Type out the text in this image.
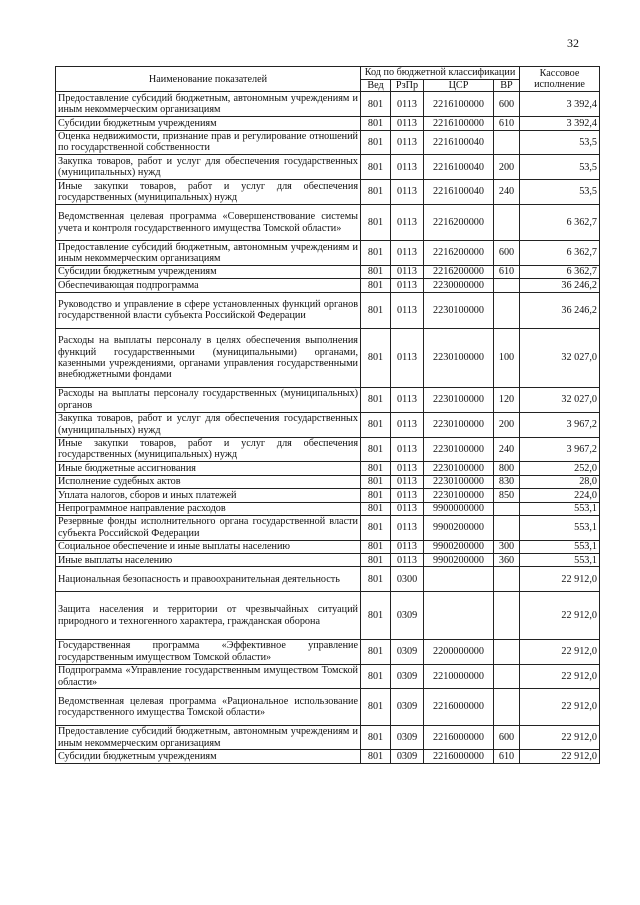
32
Наименование показателей	Код по бюджетной классификации				Кассовое исполнение
	Вед	РзПр	ЦСР	ВР	
Предоставление субсидий бюджетным, автономным учреждениям и иным некоммерческим организациям	801	0113	2216100000	600	3 392,4
Субсидии бюджетным учреждениям	801	0113	2216100000	610	3 392,4
Оценка недвижимости, признание прав и регулирование отношений по государственной собственности	801	0113	2216100040		53,5
Закупка товаров, работ и услуг для обеспечения государственных (муниципальных) нужд	801	0113	2216100040	200	53,5
Иные закупки товаров, работ и услуг для обеспечения государственных (муниципальных) нужд	801	0113	2216100040	240	53,5
Ведомственная целевая программа «Совершенствование системы учета и контроля государственного имущества Томской области»	801	0113	2216200000		6 362,7
Предоставление субсидий бюджетным, автономным учреждениям и иным некоммерческим организациям	801	0113	2216200000	600	6 362,7
Субсидии бюджетным учреждениям	801	0113	2216200000	610	6 362,7
Обеспечивающая подпрограмма	801	0113	2230000000		36 246,2
Руководство и управление в сфере установленных функций органов государственной власти субъекта Российской Федерации	801	0113	2230100000		36 246,2
Расходы на выплаты персоналу в целях обеспечения выполнения функций государственными (муниципальными) органами, казенными учреждениями, органами управления государственными внебюджетными фондами	801	0113	2230100000	100	32 027,0
Расходы на выплаты персоналу государственных (муниципальных) органов	801	0113	2230100000	120	32 027,0
Закупка товаров, работ и услуг для обеспечения государственных (муниципальных) нужд	801	0113	2230100000	200	3 967,2
Иные закупки товаров, работ и услуг для обеспечения государственных (муниципальных) нужд	801	0113	2230100000	240	3 967,2
Иные бюджетные ассигнования	801	0113	2230100000	800	252,0
Исполнение судебных актов	801	0113	2230100000	830	28,0
Уплата налогов, сборов и иных платежей	801	0113	2230100000	850	224,0
Непрограммное направление расходов	801	0113	9900000000		553,1
Резервные фонды исполнительного органа государственной власти субъекта Российской Федерации	801	0113	9900200000		553,1
Социальное обеспечение и иные выплаты населению	801	0113	9900200000	300	553,1
Иные выплаты населению	801	0113	9900200000	360	553,1
Национальная безопасность и правоохранительная деятельность	801	0300			22 912,0
Защита населения и территории от чрезвычайных ситуаций природного и техногенного характера, гражданская оборона	801	0309			22 912,0
Государственная программа «Эффективное управление государственным имуществом Томской области»	801	0309	2200000000		22 912,0
Подпрограмма «Управление государственным имуществом Томской области»	801	0309	2210000000		22 912,0
Ведомственная целевая программа «Рациональное использование государственного имущества Томской области»	801	0309	2216000000		22 912,0
Предоставление субсидий бюджетным, автономным учреждениям и иным некоммерческим организациям	801	0309	2216000000	600	22 912,0
Субсидии бюджетным учреждениям	801	0309	2216000000	610	22 912,0
